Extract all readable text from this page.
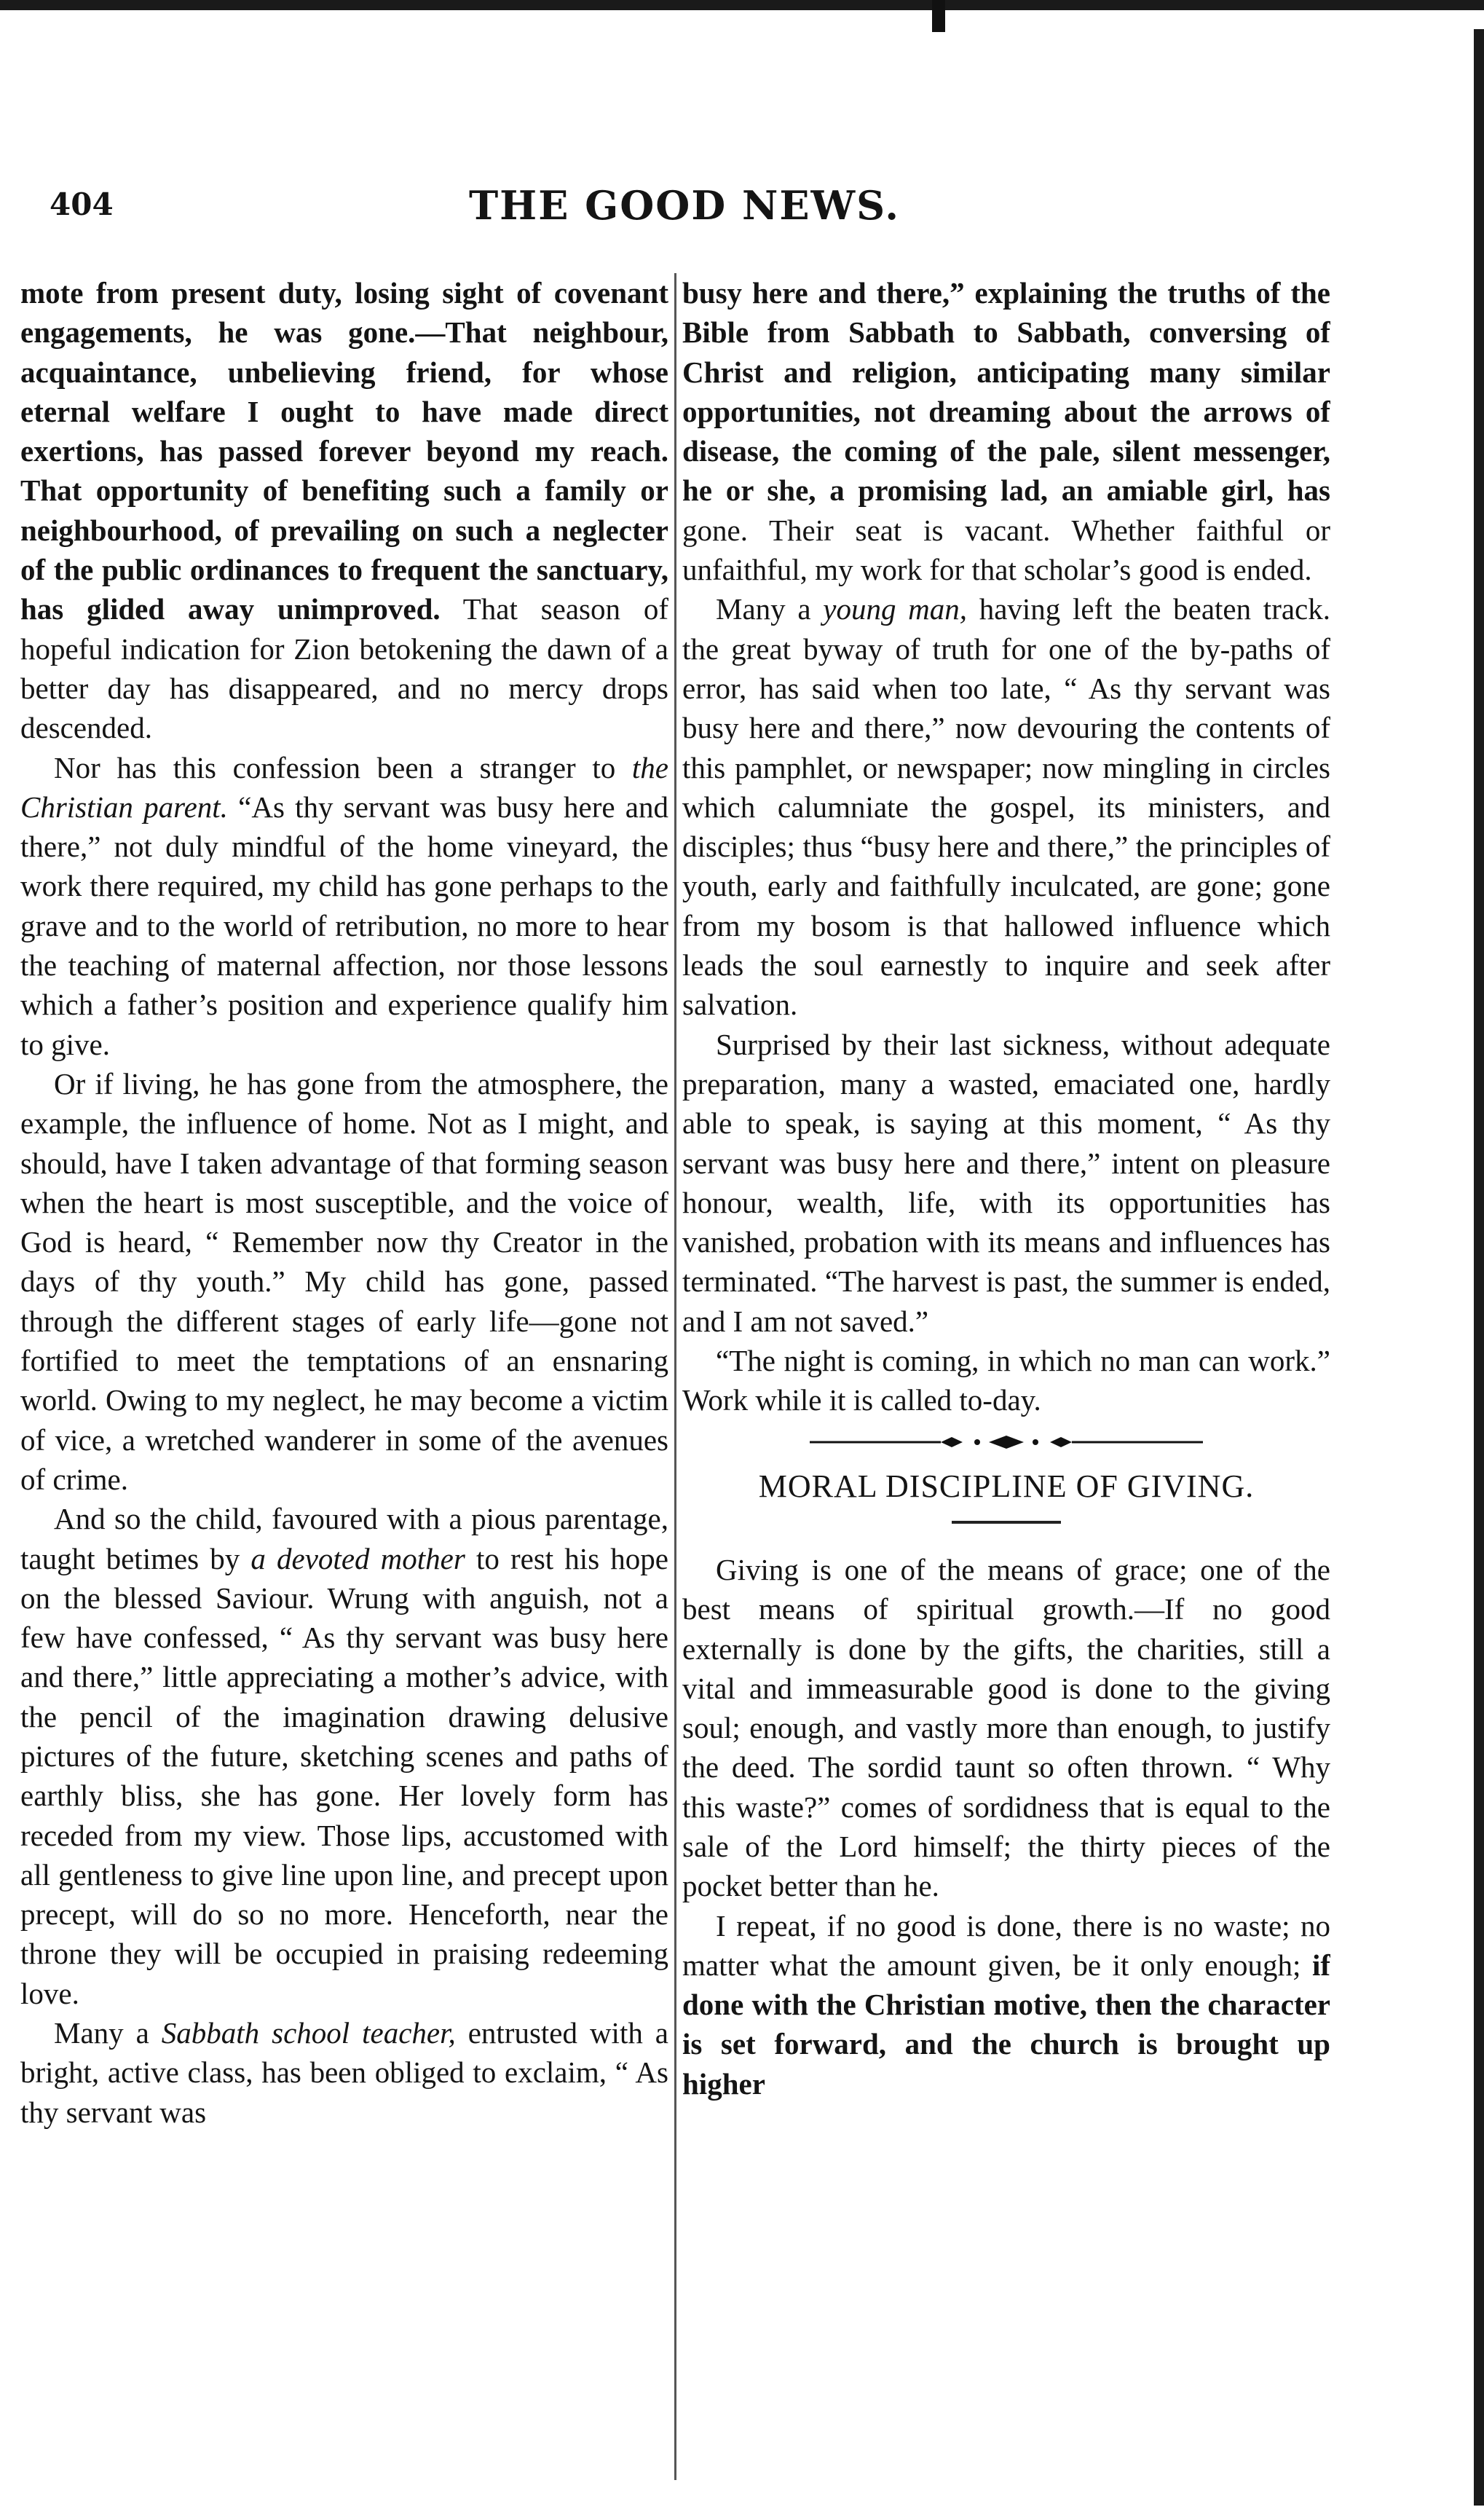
404	THE GOOD NEWS.

mote from present duty, losing sight of covenant engagements, he was gone.—That neighbour, acquaintance, unbelieving friend, for whose eternal welfare I ought to have made direct exertions, has passed forever beyond my reach. That opportunity of benefiting such a family or neighbourhood, of prevailing on such a neglecter of the public ordinances to frequent the sanctuary, has glided away unimproved. That season of hopeful indication for Zion betokening the dawn of a better day has disappeared, and no mercy drops descended.

Nor has this confession been a stranger to the Christian parent. “As thy servant was busy here and there,” not duly mindful of the home vineyard, the work there required, my child has gone perhaps to the grave and to the world of retribution, no more to hear the teaching of maternal affection, nor those lessons which a father’s position and experience qualify him to give.

Or if living, he has gone from the atmosphere, the example, the influence of home. Not as I might, and should, have I taken advantage of that forming season when the heart is most susceptible, and the voice of God is heard, “ Remember now thy Creator in the days of thy youth.” My child has gone, passed through the different stages of early life—gone not fortified to meet the temptations of an ensnaring world. Owing to my neglect, he may become a victim of vice, a wretched wanderer in some of the avenues of crime.

And so the child, favoured with a pious parentage, taught betimes by a devoted mother to rest his hope on the blessed Saviour. Wrung with anguish, not a few have confessed, “ As thy servant was busy here and there,” little appreciating a mother’s advice, with the pencil of the imagination drawing delusive pictures of the future, sketching scenes and paths of earthly bliss, she has gone. Her lovely form has receded from my view. Those lips, accustomed with all gentleness to give line upon line, and precept upon precept, will do so no more. Henceforth, near the throne they will be occupied in praising redeeming love.

Many a Sabbath school teacher, entrusted with a bright, active class, has been obliged to exclaim, “ As thy servant was

busy here and there,” explaining the truths of the Bible from Sabbath to Sabbath, conversing of Christ and religion, anticipating many similar opportunities, not dreaming about the arrows of disease, the coming of the pale, silent messenger, he or she, a promising lad, an amiable girl, has gone. Their seat is vacant. Whether faithful or unfaithful, my work for that scholar’s good is ended.

Many a young man, having left the beaten track. the great byway of truth for one of the by-paths of error, has said when too late, “ As thy servant was busy here and there,” now devouring the contents of this pamphlet, or newspaper; now mingling in circles which calumniate the gospel, its ministers, and disciples; thus “busy here and there,” the principles of youth, early and faithfully inculcated, are gone; gone from my bosom is that hallowed influence which leads the soul earnestly to inquire and seek after salvation.

Surprised by their last sickness, without adequate preparation, many a wasted, emaciated one, hardly able to speak, is saying at this moment, “ As thy servant was busy here and there,” intent on pleasure honour, wealth, life, with its opportunities has vanished, probation with its means and influences has terminated. “The harvest is past, the summer is ended, and I am not saved.”

“The night is coming, in which no man can work.” Work while it is called to-day.

MORAL DISCIPLINE OF GIVING.

Giving is one of the means of grace; one of the best means of spiritual growth.—If no good externally is done by the gifts, the charities, still a vital and immeasurable good is done to the giving soul; enough, and vastly more than enough, to justify the deed. The sordid taunt so often thrown. “ Why this waste?” comes of sordidness that is equal to the sale of the Lord himself; the thirty pieces of the pocket better than he.

I repeat, if no good is done, there is no waste; no matter what the amount given, be it only enough; if done with the Christian motive, then the character is set forward, and the church is brought up higher
